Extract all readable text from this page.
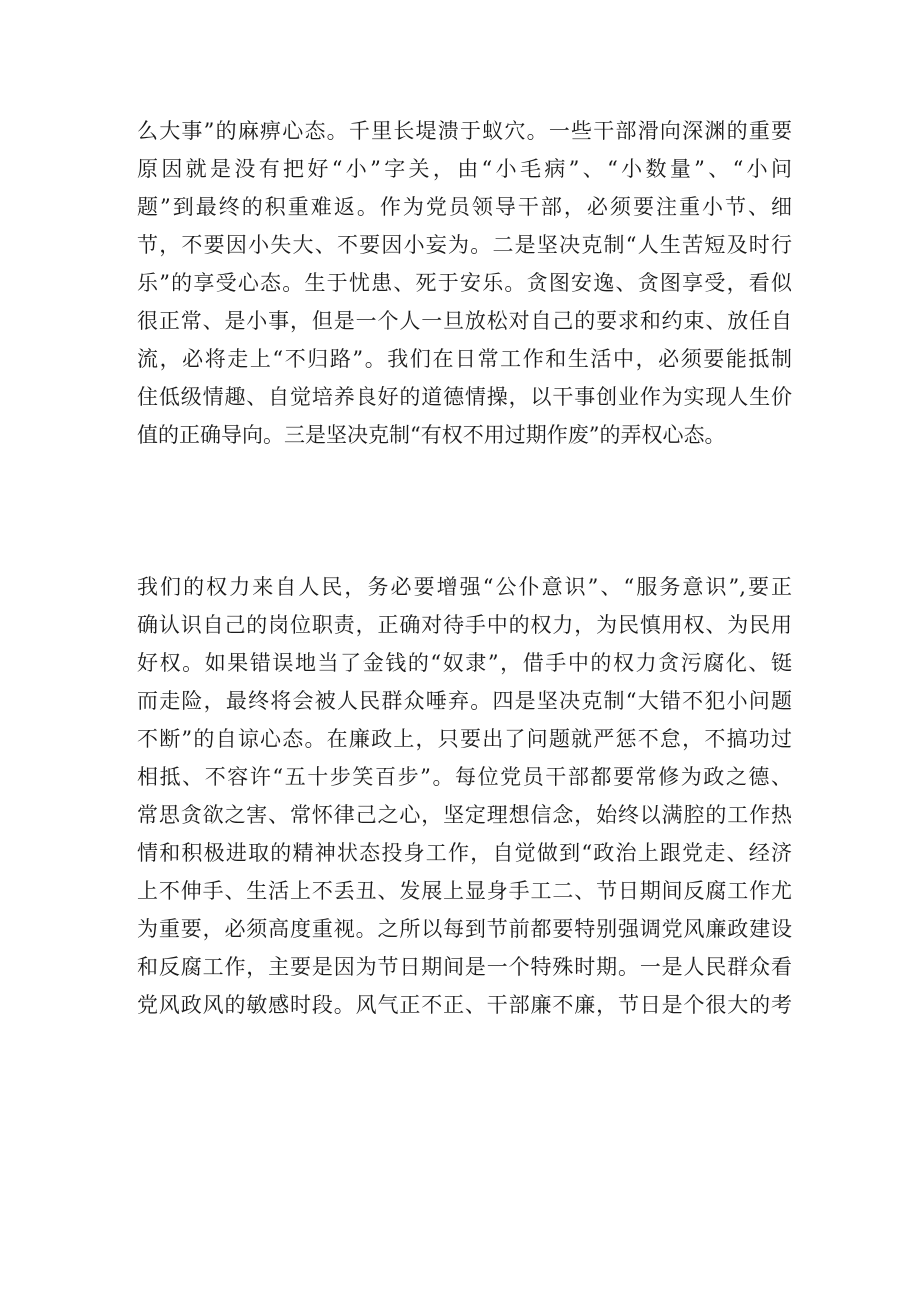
么大事”的麻痹心态。千里长堤溃于蚁穴。一些干部滑向深渊的重要
原因就是没有把好“小”字关，由“小毛病”、“小数量”、“小问
题”到最终的积重难返。作为党员领导干部，必须要注重小节、细
节，不要因小失大、不要因小妄为。二是坚决克制“人生苦短及时行
乐”的享受心态。生于忧患、死于安乐。贪图安逸、贪图享受，看似
很正常、是小事，但是一个人一旦放松对自己的要求和约束、放任自
流，必将走上“不归路”。我们在日常工作和生活中，必须要能抵制
住低级情趣、自觉培养良好的道德情操，以干事创业作为实现人生价
值的正确导向。三是坚决克制“有权不用过期作废”的弄权心态。
我们的权力来自人民，务必要增强“公仆意识”、“服务意识”,要正
确认识自己的岗位职责，正确对待手中的权力，为民慎用权、为民用
好权。如果错误地当了金钱的“奴隶”，借手中的权力贪污腐化、铤
而走险，最终将会被人民群众唾弃。四是坚决克制“大错不犯小问题
不断”的自谅心态。在廉政上，只要出了问题就严惩不怠，不搞功过
相抵、不容许“五十步笑百步”。每位党员干部都要常修为政之德、
常思贪欲之害、常怀律己之心，坚定理想信念，始终以满腔的工作热
情和积极进取的精神状态投身工作，自觉做到“政治上跟党走、经济
上不伸手、生活上不丢丑、发展上显身手工二、节日期间反腐工作尤
为重要，必须高度重视。之所以每到节前都要特别强调党风廉政建设
和反腐工作，主要是因为节日期间是一个特殊时期。一是人民群众看
党风政风的敏感时段。风气正不正、干部廉不廉，节日是个很大的考
